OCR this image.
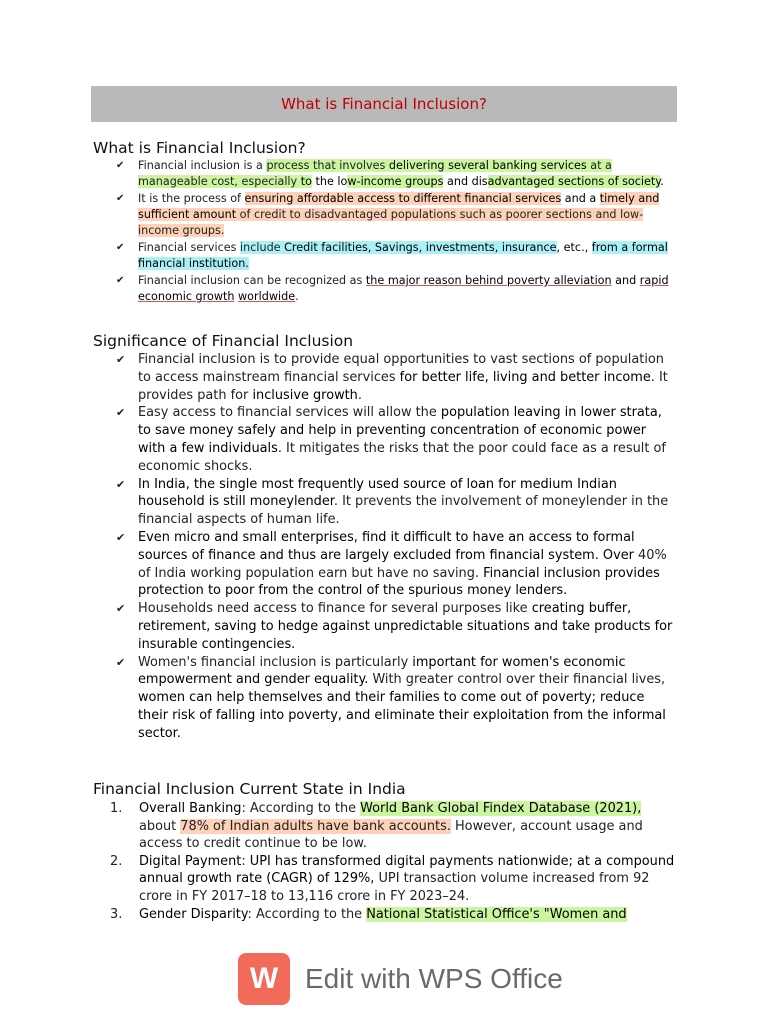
What is Financial Inclusion?
What is Financial Inclusion?
✔ Financial inclusion is a process that involves delivering several banking services at a manageable cost, especially to the low-income groups and disadvantaged sections of society.
✔ It is the process of ensuring affordable access to different financial services and a timely and sufficient amount of credit to disadvantaged populations such as poorer sections and low-income groups.
✔ Financial services include Credit facilities, Savings, investments, insurance, etc., from a formal financial institution.
✔ Financial inclusion can be recognized as the major reason behind poverty alleviation and rapid economic growth worldwide.
Significance of Financial Inclusion
✔ Financial inclusion is to provide equal opportunities to vast sections of population to access mainstream financial services for better life, living and better income. It provides path for inclusive growth.
✔ Easy access to financial services will allow the population leaving in lower strata, to save money safely and help in preventing concentration of economic power with a few individuals. It mitigates the risks that the poor could face as a result of economic shocks.
✔ In India, the single most frequently used source of loan for medium Indian household is still moneylender. It prevents the involvement of moneylender in the financial aspects of human life.
✔ Even micro and small enterprises, find it difficult to have an access to formal sources of finance and thus are largely excluded from financial system. Over 40% of India working population earn but have no saving. Financial inclusion provides protection to poor from the control of the spurious money lenders.
✔ Households need access to finance for several purposes like creating buffer, retirement, saving to hedge against unpredictable situations and take products for insurable contingencies.
✔ Women's financial inclusion is particularly important for women's economic empowerment and gender equality. With greater control over their financial lives, women can help themselves and their families to come out of poverty; reduce their risk of falling into poverty, and eliminate their exploitation from the informal sector.
Financial Inclusion Current State in India
1. Overall Banking: According to the World Bank Global Findex Database (2021), about 78% of Indian adults have bank accounts. However, account usage and access to credit continue to be low.
2. Digital Payment: UPI has transformed digital payments nationwide; at a compound annual growth rate (CAGR) of 129%, UPI transaction volume increased from 92 crore in FY 2017–18 to 13,116 crore in FY 2023–24.
3. Gender Disparity: According to the National Statistical Office's "Women and
W Edit with WPS Office
